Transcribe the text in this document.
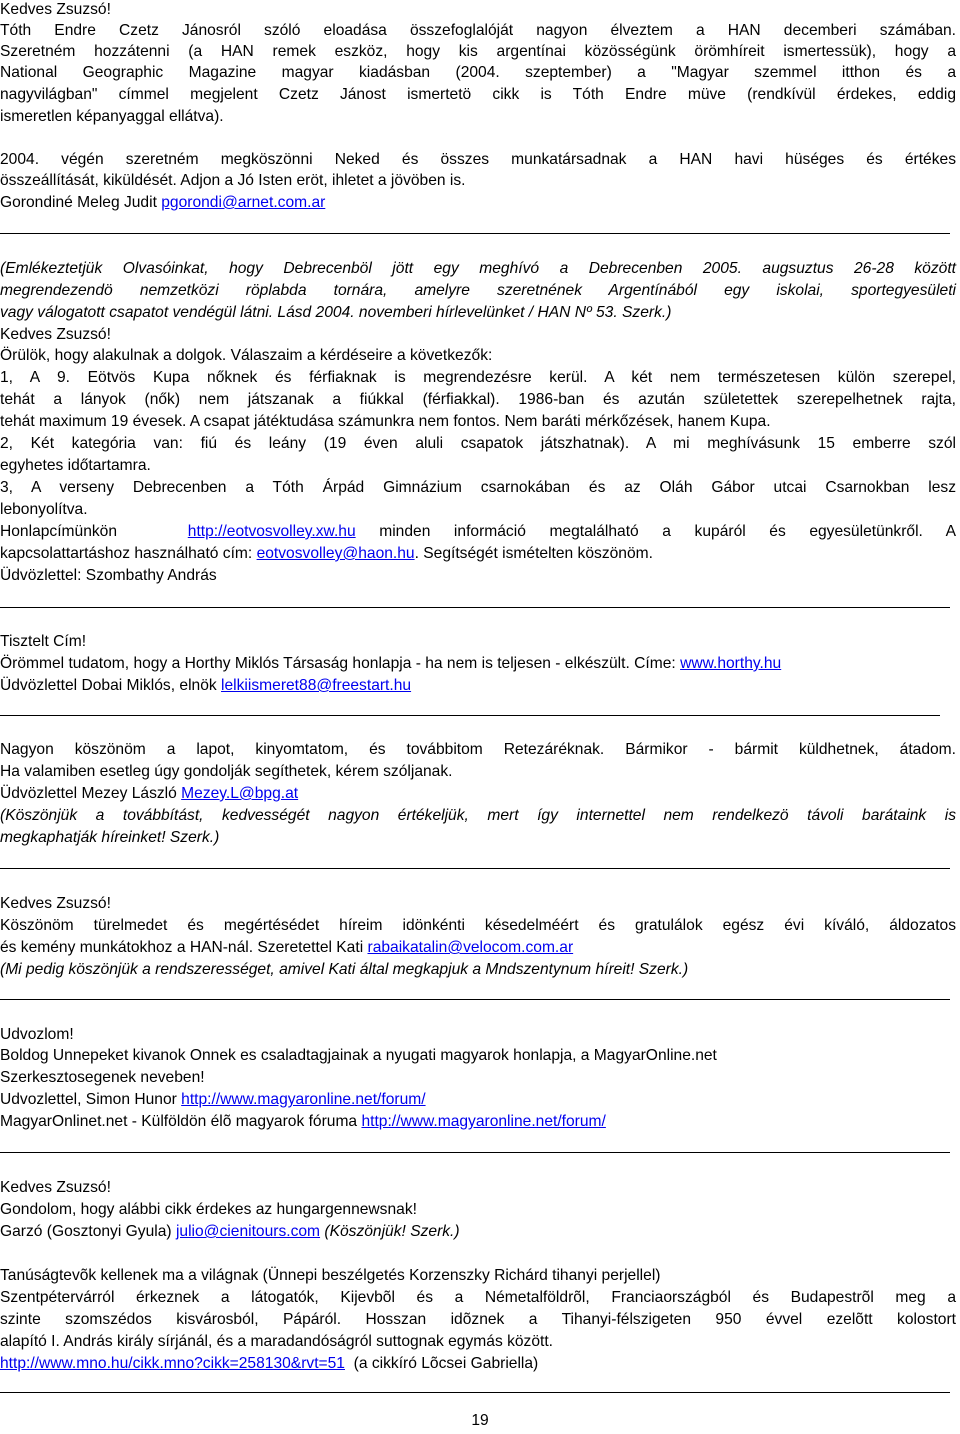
Kedves Zsuzsó!
Tóth Endre Czetz Jánosról szóló eloadása összefoglalóját nagyon élveztem a HAN decemberi számában.
Szeretném hozzátenni (a HAN remek eszköz, hogy kis argentínai közösségünk örömhíreit ismertessük), hogy a
National Geographic Magazine magyar kiadásban (2004. szeptember) a "Magyar szemmel itthon és a
nagyvilágban" címmel megjelent Czetz Jánost ismertetö cikk is Tóth Endre müve (rendkívül érdekes, eddig
ismeretlen képanyaggal ellátva).
2004. végén szeretném megköszönni Neked és összes munkatársadnak a HAN havi hüséges és értékes
összeállítását, kiküldését. Adjon a Jó Isten eröt, ihletet a jövöben is.
Gorondiné Meleg Judit pgorondi@arnet.com.ar
(Emlékeztetjük Olvasóinkat, hogy Debrecenböl jött egy meghívó a Debrecenben 2005. augsuztus 26-28 között
megrendezendö nemzetközi röplabda tornára, amelyre szeretnének Argentínából egy iskolai, sportegyesületi
vagy válogatott csapatot vendégül látni. Lásd 2004. novemberi hírlevelünket / HAN Nº 53. Szerk.)
Kedves Zsuzsó!
Örülök, hogy alakulnak a dolgok. Válaszaim a kérdéseire a következők:
1, A 9. Eötvös Kupa nőknek és férfiaknak is megrendezésre kerül. A két nem természetesen külön szerepel,
tehát a lányok (nők) nem játszanak a fiúkkal (férfiakkal). 1986-ban és azután születettek szerepelhetnek rajta,
tehát maximum 19 évesek. A csapat játéktudása számunkra nem fontos. Nem baráti mérkőzések, hanem Kupa.
2, Két kategória van: fiú és leány (19 éven aluli csapatok játszhatnak). A mi meghívásunk 15 emberre szól
egyhetes időtartamra.
3, A verseny Debrecenben a Tóth Árpád Gimnázium csarnokában és az Oláh Gábor utcai Csarnokban lesz
lebonyolítva.
Honlapcímünkön	http://eotvosvolley.xw.hu minden információ megtalálható a kupáról és egyesületünkről. A
kapcsolattartáshoz használható cím: eotvosvolley@haon.hu. Segítségét ismételten köszönöm.
Üdvözlettel: Szombathy András
Tisztelt Cím!
Örömmel tudatom, hogy a Horthy Miklós Társaság honlapja - ha nem is teljesen - elkészült. Címe: www.horthy.hu
Üdvözlettel Dobai Miklós, elnök lelkiismeret88@freestart.hu
Nagyon köszönöm a lapot, kinyomtatom, és továbbitom Retezáréknak. Bármikor - bármit küldhetnek, átadom.
Ha valamiben esetleg úgy gondolják segíthetek, kérem szóljanak.
Üdvözlettel Mezey László Mezey.L@bpg.at
(Köszönjük a továbbítást, kedvességét nagyon értékeljük, mert így internettel nem rendelkezö távoli barátaink is
megkaphatják híreinket! Szerk.)
Kedves Zsuzsó!
Köszönöm türelmedet és megértésédet híreim idönkénti késedelméért és gratulálok egész évi kíváló, áldozatos
és kemény munkátokhoz a HAN-nál. Szeretettel Kati rabaikatalin@velocom.com.ar
(Mi pedig köszönjük a rendszerességet, amivel Kati által megkapjuk a Mndszentynum híreit! Szerk.)
Udvozlom!
Boldog Unnepeket kivanok Onnek es csaladtagjainak a nyugati magyarok honlapja, a MagyarOnline.net
Szerkesztosegenek neveben!
Udvozlettel, Simon Hunor http://www.magyaronline.net/forum/
MagyarOnlinet.net - Külföldön élõ magyarok fóruma http://www.magyaronline.net/forum/
Kedves Zsuzsó!
Gondolom, hogy alábbi cikk érdekes az hungargennewsnak!
Garzó (Gosztonyi Gyula) julio@cienitours.com (Köszönjük! Szerk.)
Tanúságtevõk kellenek ma a világnak (Ünnepi beszélgetés Korzenszky Richárd tihanyi perjellel)
Szentpétervárról érkeznek a látogatók, Kijevbõl és a Németalföldrõl, Franciaországból és Budapestrõl meg a
szinte szomszédos kisvárosból, Pápáról. Hosszan idõznek a Tihanyi-félszigeten 950 évvel ezelõtt kolostort
alapító I. András király sírjánál, és a maradandóságról suttognak egymás között.
http://www.mno.hu/cikk.mno?cikk=258130&rvt=51 (a cikkíró Lõcsei Gabriella)
19
